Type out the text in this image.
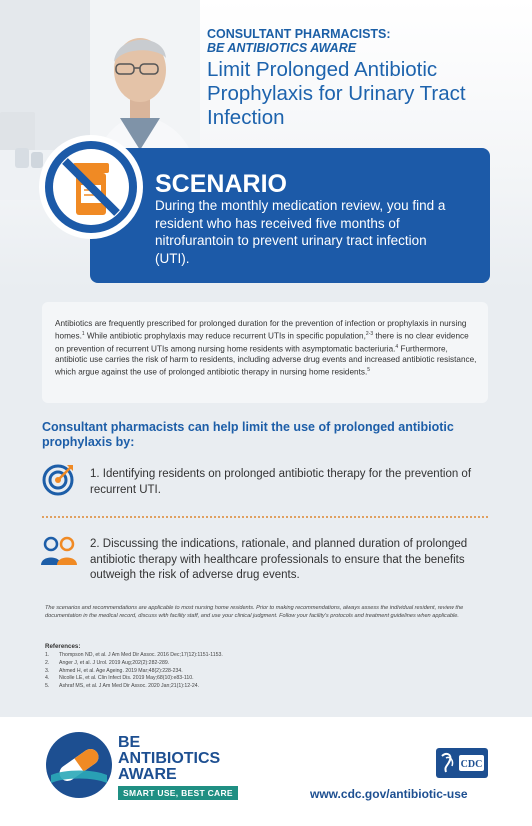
CONSULTANT PHARMACISTS:
BE ANTIBIOTICS AWARE
Limit Prolonged Antibiotic Prophylaxis for Urinary Tract Infection
SCENARIO
During the monthly medication review, you find a resident who has received five months of nitrofurantoin to prevent urinary tract infection (UTI).

Antibiotics are frequently prescribed for prolonged duration for the prevention of infection or prophylaxis in nursing homes.$^1$ While antibiotic prophylaxis may reduce recurrent UTIs in specific population,$^{2-3}$ there is no clear evidence on prevention of recurrent UTIs among nursing home residents with asymptomatic bacteriuria.$^4$ Furthermore, antibiotic use carries the risk of harm to residents, including adverse drug events and increased antibiotic resistance, which argue against the use of prolonged antibiotic therapy in nursing home residents.$^5$

Consultant pharmacists can help limit the use of prolonged antibiotic prophylaxis by:
1. Identifying residents on prolonged antibiotic therapy for the prevention of recurrent UTI.
2. Discussing the indications, rationale, and planned duration of prolonged antibiotic therapy with healthcare professionals to ensure that the benefits outweigh the risk of adverse drug events.

The scenarios and recommendations are applicable to most nursing home residents. Prior to making recommendations, always assess the individual resident, review the documentation in the medical record, discuss with facility staff, and use your clinical judgment. Follow your facility's protocols and treatment guidelines when applicable.

References:
1. Thompson ND, et al. J Am Med Dir Assoc. 2016 Dec;17(12):1151-1153.
2. Anger J, et al. J Urol. 2019 Aug;202(2):282-289.
3. Ahmed H, et al. Age Ageing. 2019 Mar;48(2):228-234.
4. Nicolle LE, et al. Clin Infect Dis. 2019 May;68(10):e83-110.
5. Ashraf MS, et al. J Am Med Dir Assoc. 2020 Jan;21(1):12-24.
BE
ANTIBIOTICS
AWARE
SMART USE, BEST CARE
CDC
www.cdc.gov/antibiotic-use
